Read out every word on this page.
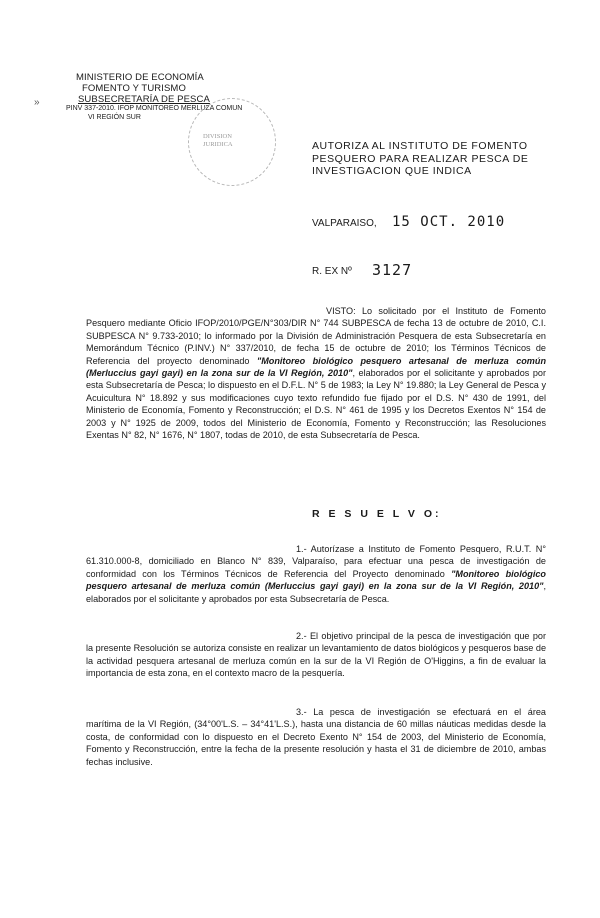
MINISTERIO DE ECONOMÍA
FOMENTO Y TURISMO
SUBSECRETARÍA DE PESCA
PINV 337-2010. IFOP MONITOREO MERLUZA COMUN
VI REGIÓN SUR
»
DIVISION
JURIDICA	AUTORIZA AL INSTITUTO DE FOMENTO
PESQUERO PARA REALIZAR PESCA DE
INVESTIGACION QUE INDICA
VALPARAISO, 15 OCT. 2010
R. EX Nº 3127
VISTO: Lo solicitado por el Instituto de Fomento Pesquero mediante Oficio IFOP/2010/PGE/N°303/DIR N° 744 SUBPESCA de fecha 13 de octubre de 2010, C.I. SUBPESCA N° 9.733-2010; lo informado por la División de Administración Pesquera de esta Subsecretaría en Memorándum Técnico (P.INV.) N° 337/2010, de fecha 15 de octubre de 2010; los Términos Técnicos de Referencia del proyecto denominado "Monitoreo biológico pesquero artesanal de merluza común (Merluccius gayi gayi) en la zona sur de la VI Región, 2010", elaborados por el solicitante y aprobados por esta Subsecretaría de Pesca; lo dispuesto en el D.F.L. N° 5 de 1983; la Ley N° 19.880; la Ley General de Pesca y Acuicultura N° 18.892 y sus modificaciones cuyo texto refundido fue fijado por el D.S. N° 430 de 1991, del Ministerio de Economía, Fomento y Reconstrucción; el D.S. N° 461 de 1995 y los Decretos Exentos N° 154 de 2003 y N° 1925 de 2009, todos del Ministerio de Economía, Fomento y Reconstrucción; las Resoluciones Exentas N° 82, N° 1676, N° 1807, todas de 2010, de esta Subsecretaría de Pesca.
R E S U E L V O:
1.- Autorízase a Instituto de Fomento Pesquero, R.U.T. N° 61.310.000-8, domiciliado en Blanco N° 839, Valparaíso, para efectuar una pesca de investigación de conformidad con los Términos Técnicos de Referencia del Proyecto denominado "Monitoreo biológico pesquero artesanal de merluza común (Merluccius gayi gayi) en la zona sur de la VI Región, 2010", elaborados por el solicitante y aprobados por esta Subsecretaría de Pesca.
2.- El objetivo principal de la pesca de investigación que por la presente Resolución se autoriza consiste en realizar un levantamiento de datos biológicos y pesqueros base de la actividad pesquera artesanal de merluza común en la sur de la VI Región de O'Higgins, a fin de evaluar la importancia de esta zona, en el contexto macro de la pesquería.
3.- La pesca de investigación se efectuará en el área marítima de la VI Región, (34°00'L.S. – 34°41'L.S.), hasta una distancia de 60 millas náuticas medidas desde la costa, de conformidad con lo dispuesto en el Decreto Exento N° 154 de 2003, del Ministerio de Economía, Fomento y Reconstrucción, entre la fecha de la presente resolución y hasta el 31 de diciembre de 2010, ambas fechas inclusive.
